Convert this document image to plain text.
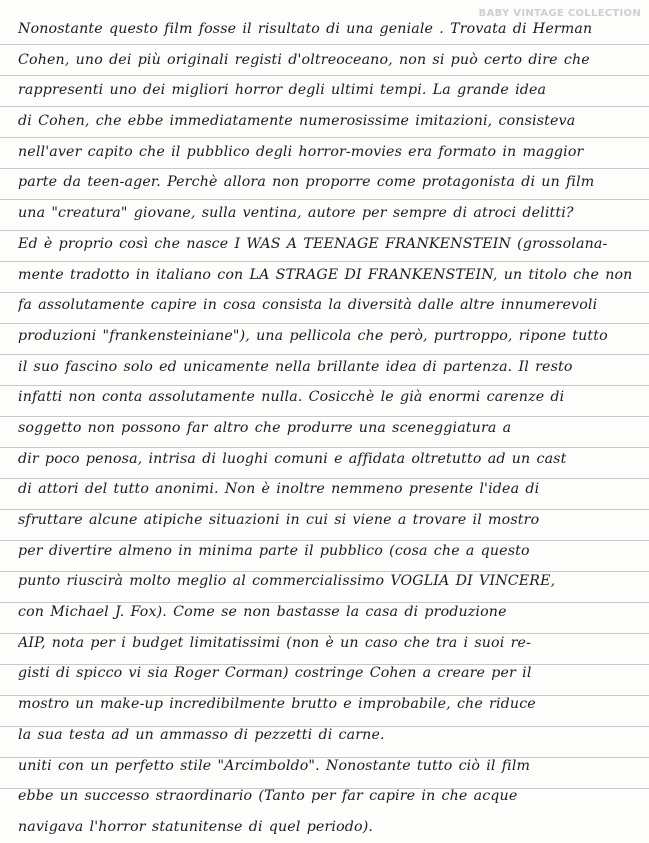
BABY VINTAGE COLLECTION
Nonostante questo film fosse il risultato di una geniale . Trovata di Herman
Cohen, uno dei più originali registi d'oltreoceano, non si può certo dire che
rappresenti uno dei migliori horror degli ultimi tempi. La grande idea
di Cohen, che ebbe immediatamente numerosissime imitazioni, consisteva
nell'aver capito che il pubblico degli horror-movies era formato in maggior
parte da teen-ager. Perchè allora non proporre come protagonista di un film
una "creatura" giovane, sulla ventina, autore per sempre di atroci delitti?
Ed è proprio così che nasce I WAS A TEENAGE FRANKENSTEIN (grossolana-
mente tradotto in italiano con LA STRAGE DI FRANKENSTEIN, un titolo che non
fa assolutamente capire in cosa consista la diversità dalle altre innumerevoli
produzioni "frankensteiniane"), una pellicola che però, purtroppo, ripone tutto
il suo fascino solo ed unicamente nella brillante idea di partenza. Il resto
infatti non conta assolutamente nulla. Cosicchè le già enormi carenze di
soggetto non possono far altro che produrre una sceneggiatura a
dir poco penosa, intrisa di luoghi comuni e affidata oltretutto ad un cast
di attori del tutto anonimi. Non è inoltre nemmeno presente l'idea di
sfruttare alcune atipiche situazioni in cui si viene a trovare il mostro
per divertire almeno in minima parte il pubblico (cosa che a questo
punto riuscirà molto meglio al commercialissimo VOGLIA DI VINCERE,
con Michael J. Fox). Come se non bastasse la casa di produzione
AIP, nota per i budget limitatissimi (non è un caso che tra i suoi re-
gisti di spicco vi sia Roger Corman) costringe Cohen a creare per il
mostro un make-up incredibilmente brutto e improbabile, che riduce
la sua testa ad un ammasso di pezzetti di carne.
uniti con un perfetto stile "Arcimboldo". Nonostante tutto ciò il film
ebbe un successo straordinario (Tanto per far capire in che acque
navigava l'horror statunitense di quel periodo).
